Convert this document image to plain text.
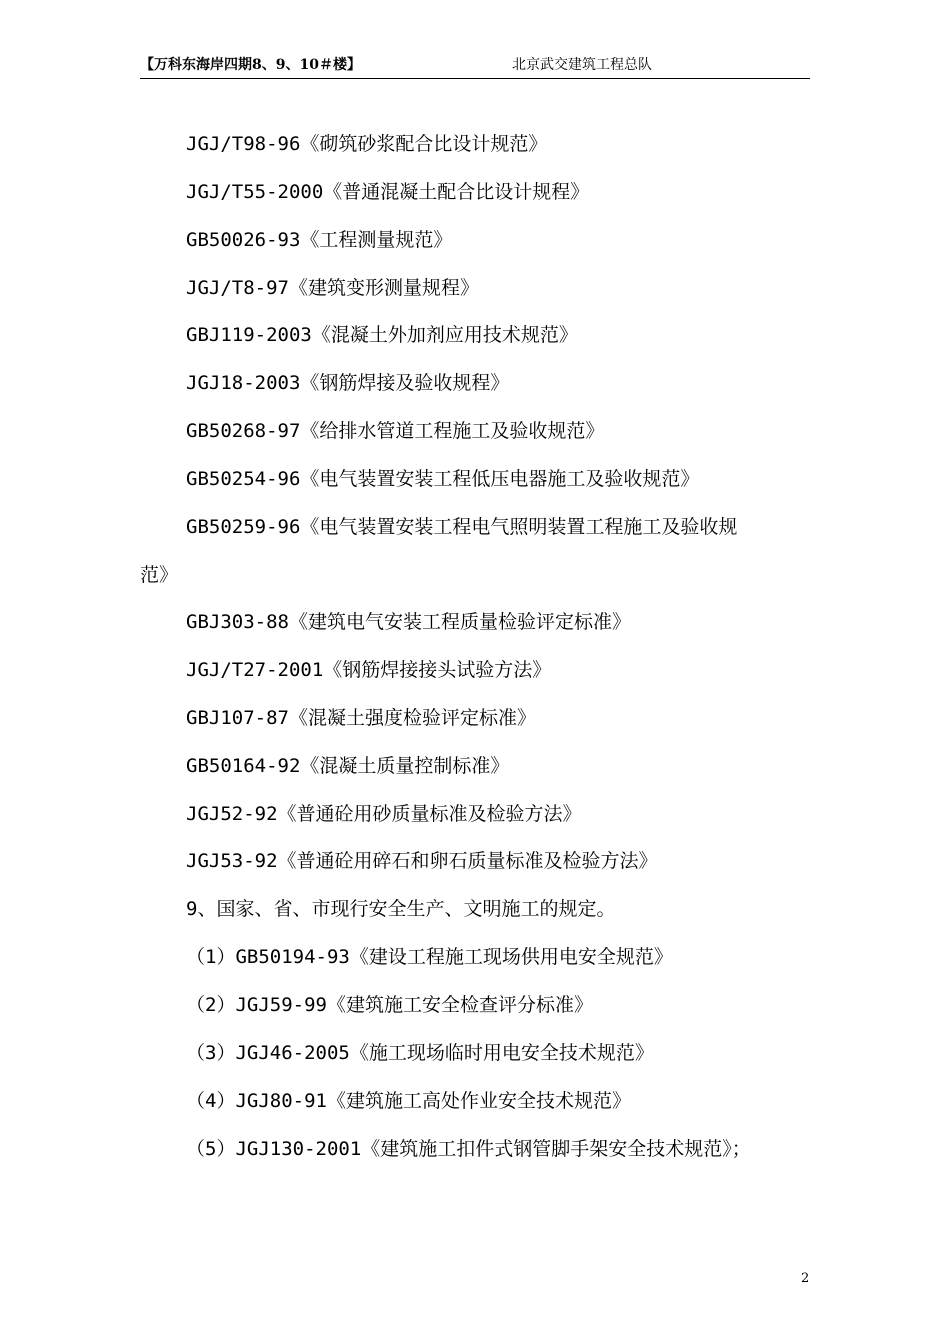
【万科东海岸四期8、9、10＃楼】	北京武交建筑工程总队
JGJ/T98-96《砌筑砂浆配合比设计规范》
JGJ/T55-2000《普通混凝土配合比设计规程》
GB50026-93《工程测量规范》
JGJ/T8-97《建筑变形测量规程》
GBJ119-2003《混凝土外加剂应用技术规范》
JGJ18-2003《钢筋焊接及验收规程》
GB50268-97《给排水管道工程施工及验收规范》
GB50254-96《电气装置安装工程低压电器施工及验收规范》
GB50259-96《电气装置安装工程电气照明装置工程施工及验收规
范》
GBJ303-88《建筑电气安装工程质量检验评定标准》
JGJ/T27-2001《钢筋焊接接头试验方法》
GBJ107-87《混凝土强度检验评定标准》
GB50164-92《混凝土质量控制标准》
JGJ52-92《普通砼用砂质量标准及检验方法》
JGJ53-92《普通砼用碎石和卵石质量标准及检验方法》
9、国家、省、市现行安全生产、文明施工的规定。
（1）GB50194-93《建设工程施工现场供用电安全规范》
（2）JGJ59-99《建筑施工安全检查评分标准》
（3）JGJ46-2005《施工现场临时用电安全技术规范》
（4）JGJ80-91《建筑施工高处作业安全技术规范》
（5）JGJ130-2001《建筑施工扣件式钢管脚手架安全技术规范》；
2
